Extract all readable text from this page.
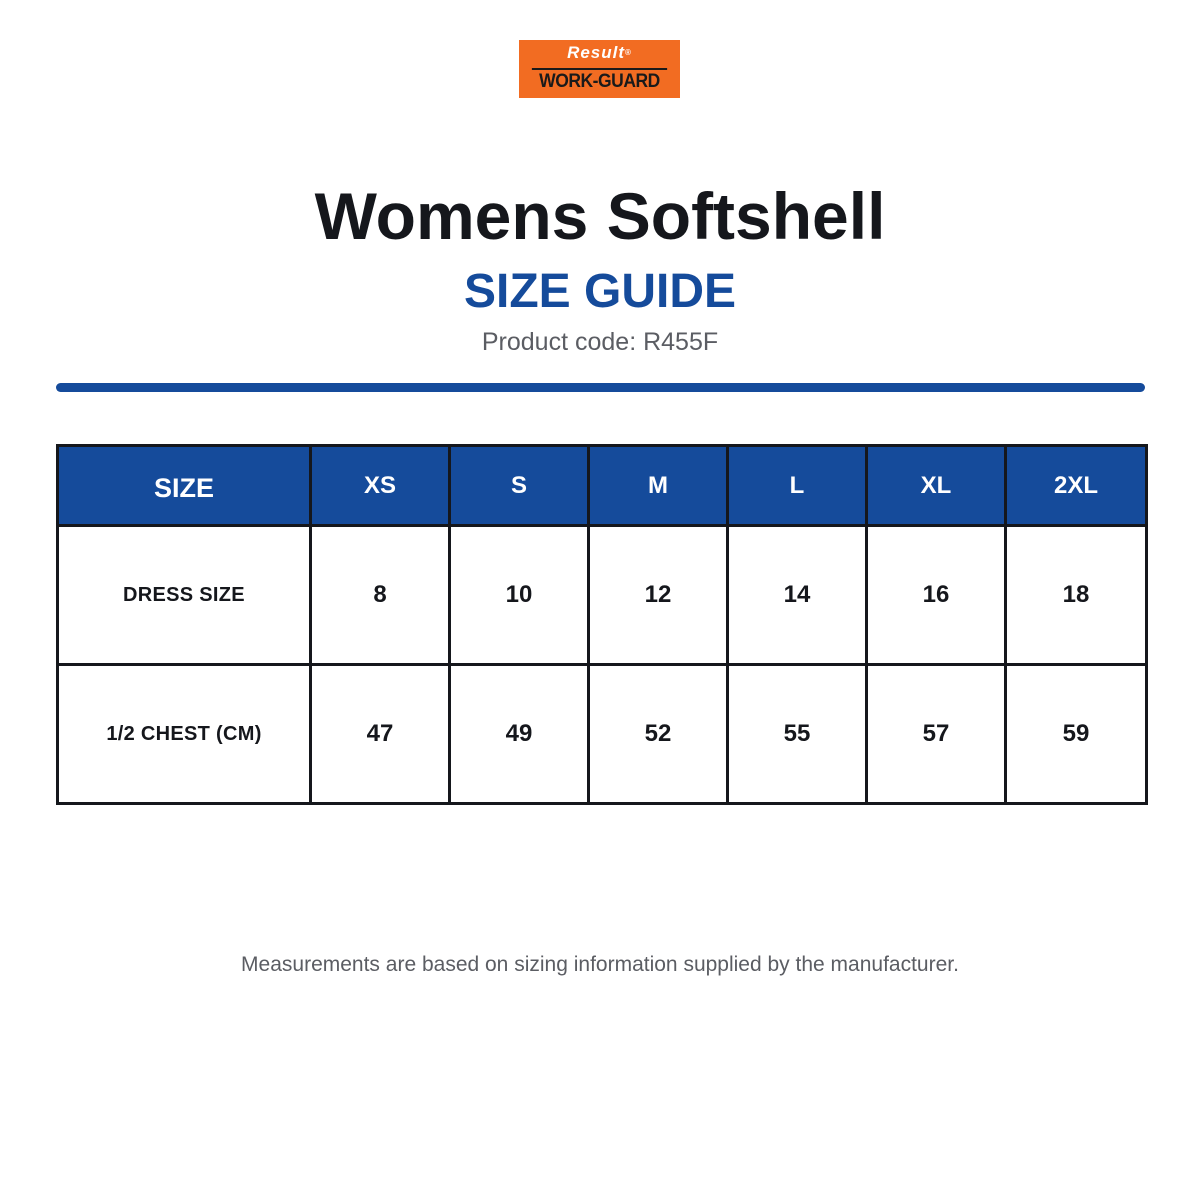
Result®
WORK-GUARD
Womens Softshell
SIZE GUIDE
Product code: R455F
SIZE	XS	S	M	L	XL	2XL
DRESS SIZE	8	10	12	14	16	18
1/2 CHEST (CM)	47	49	52	55	57	59
Measurements are based on sizing information supplied by the manufacturer.
